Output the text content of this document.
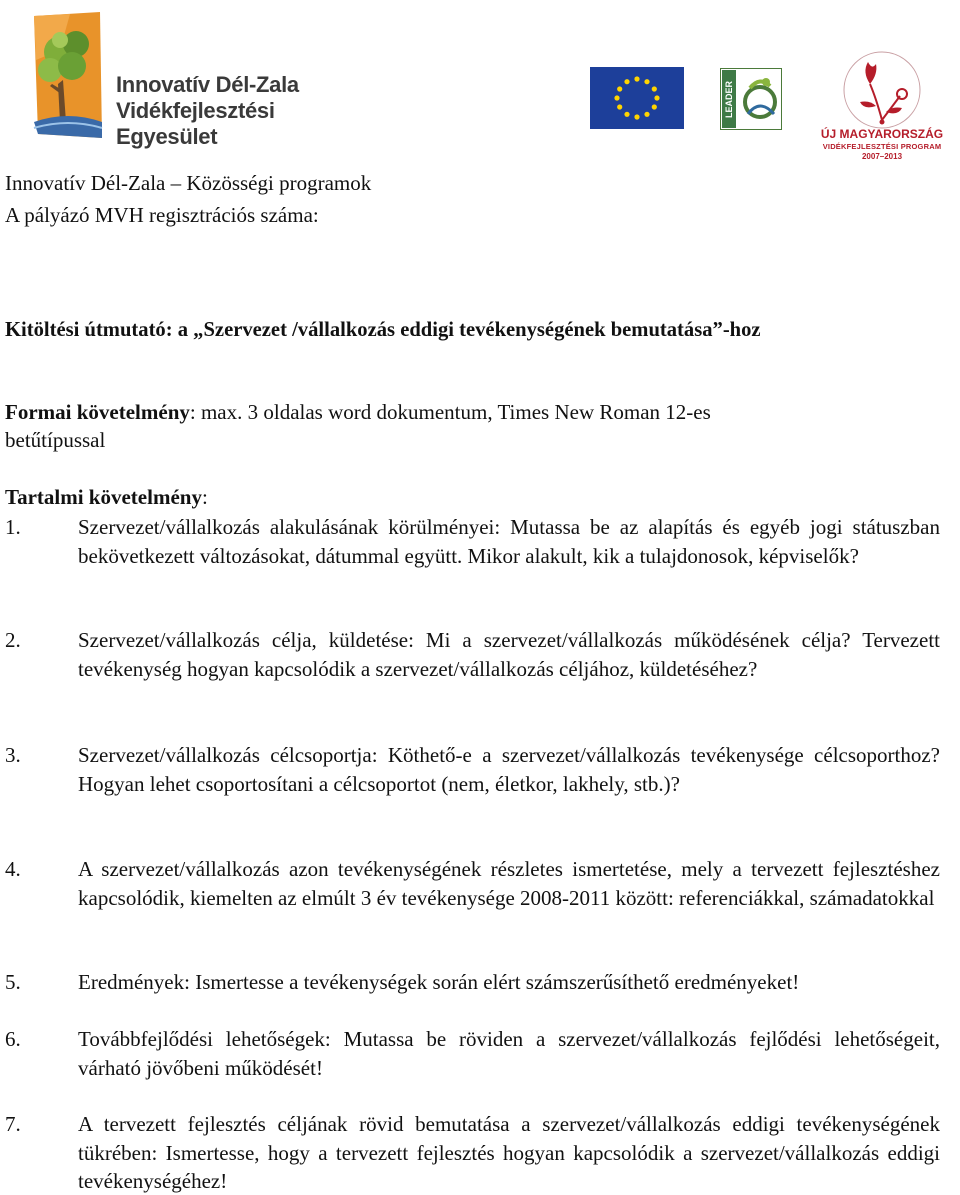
Innovatív Dél-Zala
Vidékfejlesztési Egyesület
LEADER
ÚJ MAGYARORSZÁG
VIDÉKFEJLESZTÉSI PROGRAM
2007–2013
Innovatív Dél-Zala – Közösségi programok
A pályázó MVH regisztrációs száma:
Kitöltési útmutató: a „Szervezet /vállalkozás eddigi tevékenységének bemutatása”-hoz
Formai követelmény: max. 3 oldalas word dokumentum, Times New Roman 12-es
betűtípussal
Tartalmi követelmény:
1.	Szervezet/vállalkozás alakulásának körülményei: Mutassa be az alapítás és egyéb jogi státuszban bekövetkezett változásokat, dátummal együtt. Mikor alakult, kik a tulajdonosok, képviselők?
2.	Szervezet/vállalkozás célja, küldetése: Mi a szervezet/vállalkozás működésének célja? Tervezett tevékenység hogyan kapcsolódik a szervezet/vállalkozás céljához, küldetéséhez?
3.	Szervezet/vállalkozás célcsoportja: Köthető-e a szervezet/vállalkozás tevékenysége célcsoporthoz? Hogyan lehet csoportosítani a célcsoportot (nem, életkor, lakhely, stb.)?
4.	A szervezet/vállalkozás azon tevékenységének részletes ismertetése, mely a tervezett fejlesztéshez kapcsolódik, kiemelten az elmúlt 3 év tevékenysége 2008-2011 között: referenciákkal, számadatokkal
5.	Eredmények: Ismertesse a tevékenységek során elért számszerűsíthető eredményeket!
6.	Továbbfejlődési lehetőségek: Mutassa be röviden a szervezet/vállalkozás fejlődési lehetőségeit, várható jövőbeni működését!
7.	A tervezett fejlesztés céljának rövid bemutatása a szervezet/vállalkozás eddigi tevékenységének tükrében: Ismertesse, hogy a tervezett fejlesztés hogyan kapcsolódik a szervezet/vállalkozás eddigi tevékenységéhez!
